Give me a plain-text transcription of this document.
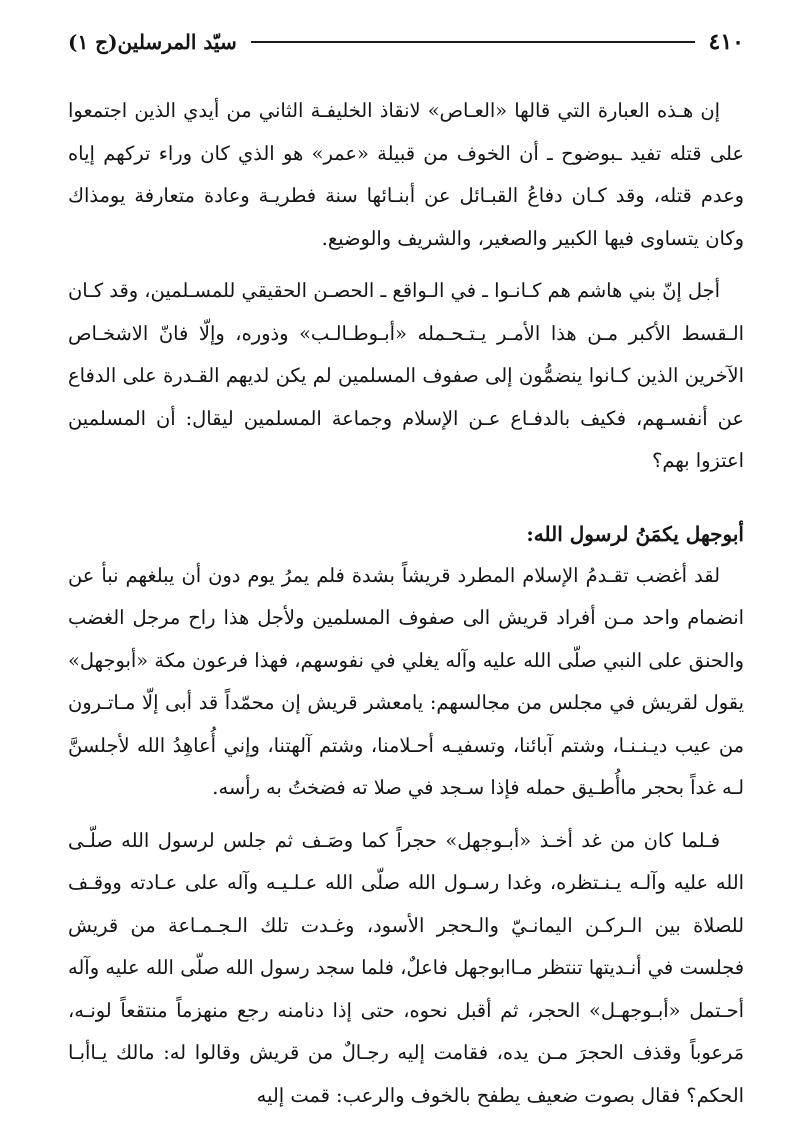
٤١٠
سيّد المرسلين(ج ١)

إن هـذه العبارة التي قالها «العـاص» لانقاذ الخليفـة الثاني من أيدي الذين اجتمعوا على قتله تفيد ـبوضوح ـ أن الخوف من قبيلة «عمر» هو الذي كان وراء تركهم إياه وعدم قتله، وقد كـان دفاعُ القبـائل عن أبنـائها سنة فطريـة وعادة متعارفة يومذاك وكان يتساوى فيها الكبير والصغير، والشريف والوضيع.

أجل إنّ بني هاشم هم كـانـوا ـ في الـواقع ـ الحصـن الحقيقي للمسـلمين، وقد كـان الـقسط الأكبر مـن هذا الأمـر يـتـحـمله «أبـوطـالـب» وذوره، وإلّا فانّ الاشخـاص الآخرين الذين كـانوا ينضمُّون إلى صفوف المسلمين لم يكن لديهم القـدرة على الدفاع عن أنفسـهم، فكيف بالدفـاع عـن الإسلام وجماعة المسلمين ليقال: أن المسلمين اعتزوا بهم؟

أبوجهل يكمَنُ لرسول الله:

لقد أغضب تقـدمُ الإسلام المطرد قريشاً بشدة فلم يمرُ يوم دون أن يبلغهم نبأ عن انضمام واحد مـن أفراد قريش الى صفوف المسلمين ولأجل هذا راح مرجل الغضب والحنق على النبي صلّى الله عليه وآله يغلي في نفوسهم، فهذا فرعون مكة «أبوجهل» يقول لقريش في مجلس من مجالسهم: يامعشر قريش إن محمّداً قد أبى إلّا مـاتـرون من عيب ديـنـنـا، وشتم آبائنا، وتسفيـه أحـلامنا، وشتم آلهتنا، وإني أُعاهِدُ الله لأجلسنَّ لـه غداً بحجر ماأُطـيق حمله فإذا سـجد في صلا ته فضختُ به رأسه.

فـلما كان من غد أخـذ «أبـوجهل» حجراً كما وصَـف ثم جلس لرسول الله صلّـى الله عليه وآلـه يـنـتظره، وغدا رسـول الله صلّى الله عـلـيـه وآله على عـادته ووقـف للصلاة بين الـركـن اليمانـيّ والـحجر الأسود، وغـدت تلك الـجـمـاعة من قريش فجلست في أنـديتها تنتظر مـاابوجهل فاعلٌ، فلما سجد رسول الله صلّى الله عليه وآله أحـتمل «أبـوجهـل» الحجر، ثم أقبل نحوه، حتى إذا دنامنه رجع منهزماً منتقعاً لونـه، مَرعوباً وقذف الحجرَ مـن يده، فقامت إليه رجـالٌ من قريش وقالوا له: مالك يـاأبـا الحكم؟ فقال بصوت ضعيف يطفح بالخوف والرعب: قمت إليه
